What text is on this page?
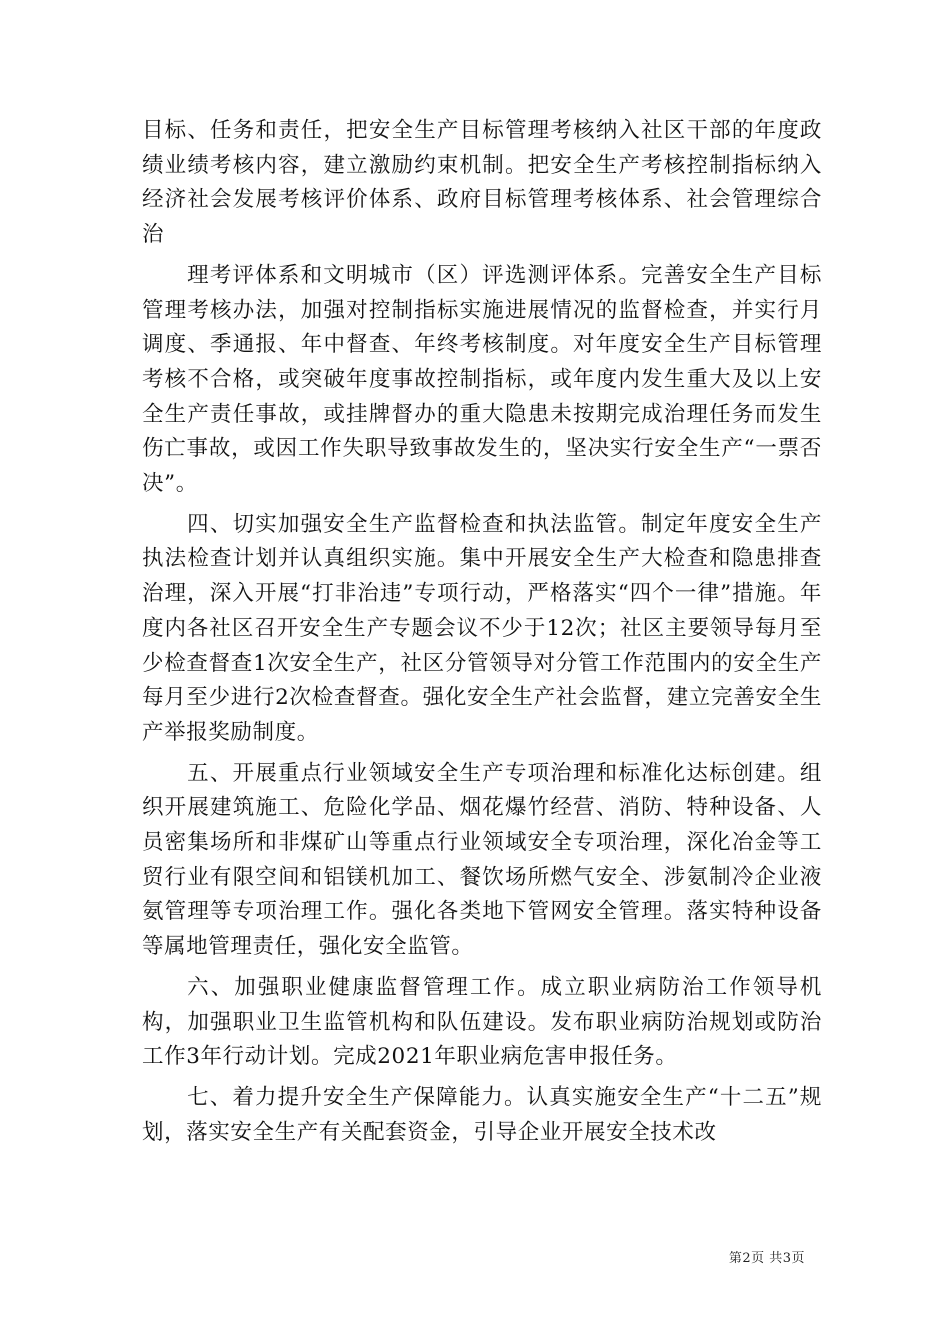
目标、任务和责任，把安全生产目标管理考核纳入社区干部的年度政绩业绩考核内容，建立激励约束机制。把安全生产考核控制指标纳入经济社会发展考核评价体系、政府目标管理考核体系、社会管理综合治

理考评体系和文明城市（区）评选测评体系。完善安全生产目标管理考核办法，加强对控制指标实施进展情况的监督检查，并实行月调度、季通报、年中督查、年终考核制度。对年度安全生产目标管理考核不合格，或突破年度事故控制指标，或年度内发生重大及以上安全生产责任事故，或挂牌督办的重大隐患未按期完成治理任务而发生伤亡事故，或因工作失职导致事故发生的，坚决实行安全生产“一票否决”。

四、切实加强安全生产监督检查和执法监管。制定年度安全生产执法检查计划并认真组织实施。集中开展安全生产大检查和隐患排查治理，深入开展“打非治违”专项行动，严格落实“四个一律”措施。年度内各社区召开安全生产专题会议不少于12次；社区主要领导每月至少检查督查1次安全生产，社区分管领导对分管工作范围内的安全生产每月至少进行2次检查督查。强化安全生产社会监督，建立完善安全生产举报奖励制度。

五、开展重点行业领域安全生产专项治理和标准化达标创建。组织开展建筑施工、危险化学品、烟花爆竹经营、消防、特种设备、人员密集场所和非煤矿山等重点行业领域安全专项治理，深化冶金等工贸行业有限空间和铝镁机加工、餐饮场所燃气安全、涉氨制冷企业液氨管理等专项治理工作。强化各类地下管网安全管理。落实特种设备等属地管理责任，强化安全监管。

六、加强职业健康监督管理工作。成立职业病防治工作领导机构，加强职业卫生监管机构和队伍建设。发布职业病防治规划或防治工作3年行动计划。完成2021年职业病危害申报任务。

七、着力提升安全生产保障能力。认真实施安全生产“十二五”规划，落实安全生产有关配套资金，引导企业开展安全技术改

第2页 共3页
